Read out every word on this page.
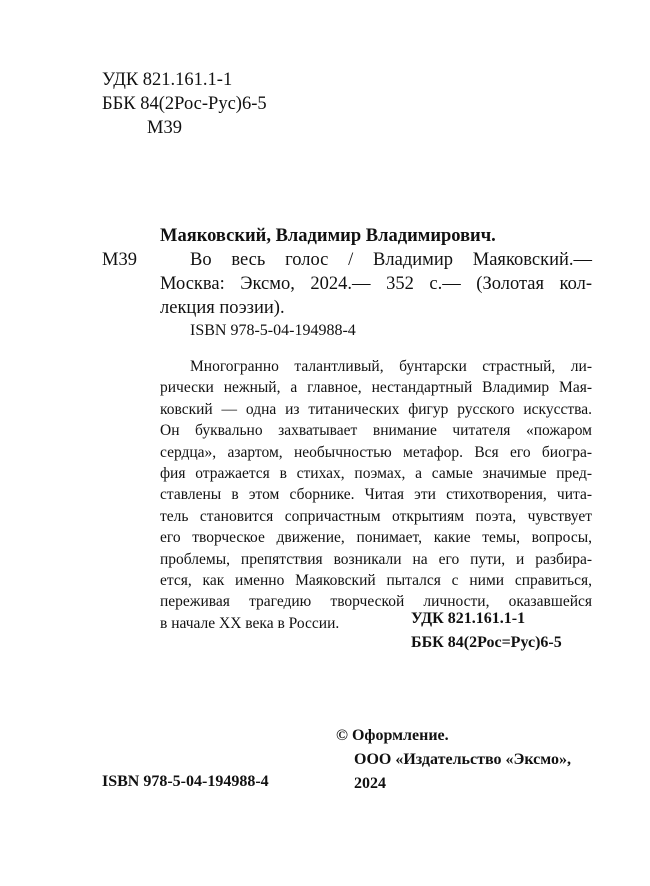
УДК 821.161.1-1
ББК 84(2Рос-Рус)6-5
М39
Маяковский, Владимир Владимирович.
М39	Во весь голос / Владимир Маяковский.—
Москва: Эксмо, 2024.— 352 с.— (Золотая кол-
лекция поэзии).
ISBN 978-5-04-194988-4
Многогранно талантливый, бунтарски страстный, ли-
рически нежный, а главное, нестандартный Владимир Мая-
ковский — одна из титанических фигур русского искусства.
Он буквально захватывает внимание читателя «пожаром
сердца», азартом, необычностью метафор. Вся его биогра-
фия отражается в стихах, поэмах, а самые значимые пред-
ставлены в этом сборнике. Читая эти стихотворения, чита-
тель становится сопричастным открытиям поэта, чувствует
его творческое движение, понимает, какие темы, вопросы,
проблемы, препятствия возникали на его пути, и разбира-
ется, как именно Маяковский пытался с ними справиться,
переживая трагедию творческой личности, оказавшейся
в начале XX века в России.	УДК 821.161.1-1
ББК 84(2Рос=Рус)6-5
© Оформление.
ООО «Издательство «Эксмо»,
2024
ISBN 978-5-04-194988-4
